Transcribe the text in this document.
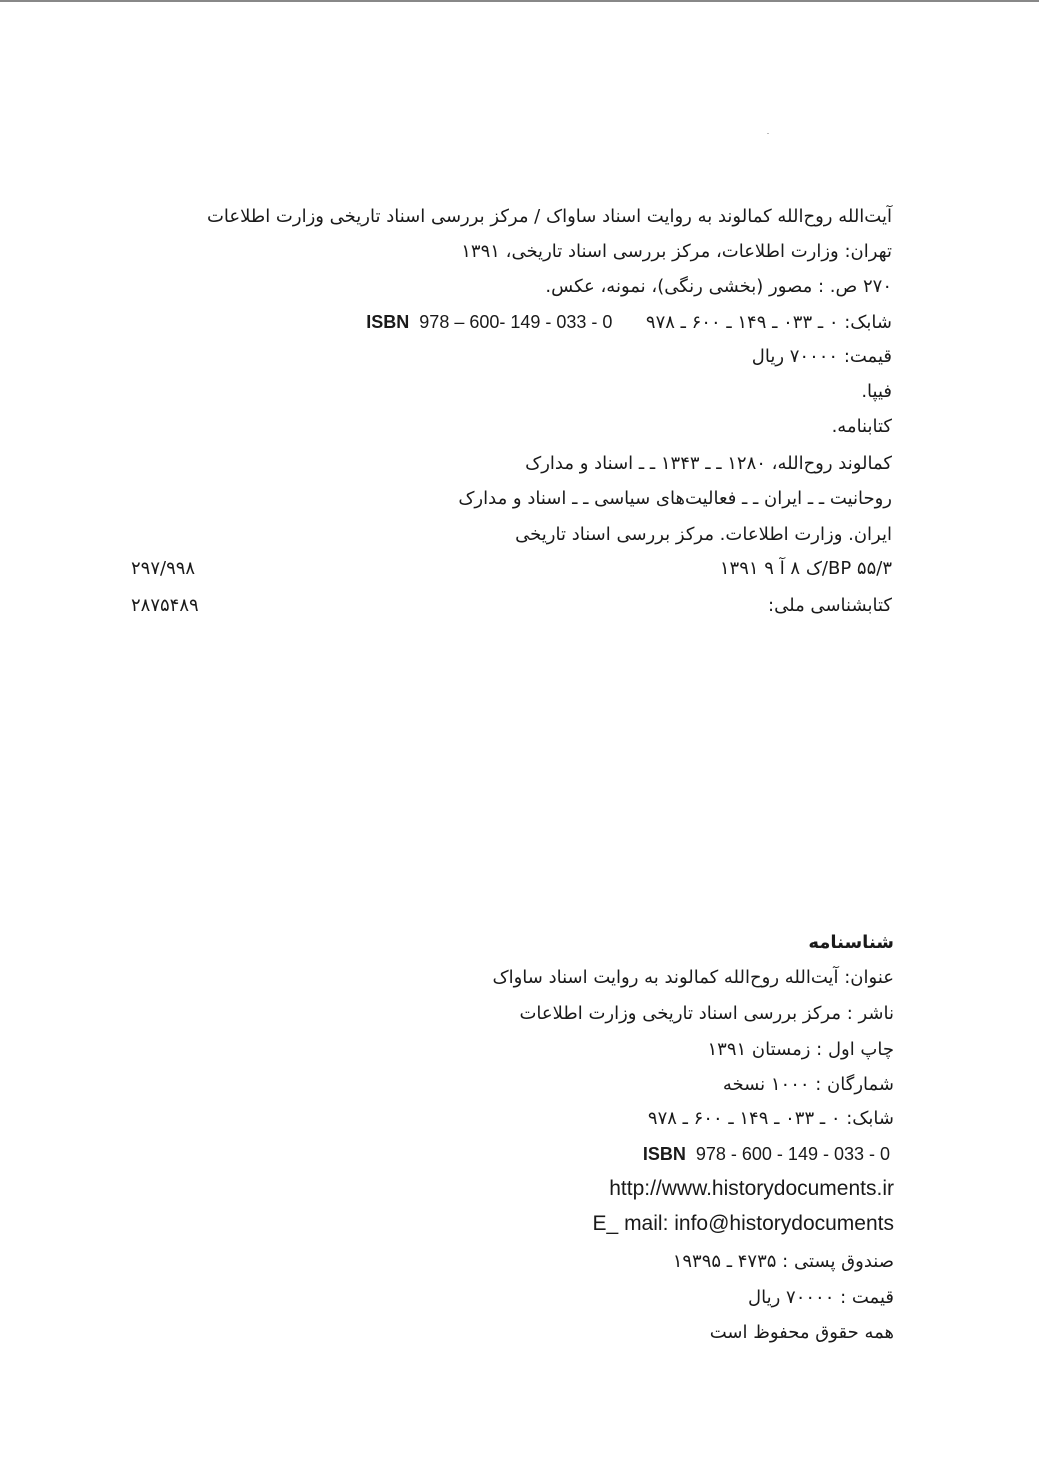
آیت‌الله روح‌الله کمالوند به روایت اسناد ساواک / مرکز بررسی اسناد تاریخی وزارت اطلاعات
تهران: وزارت اطلاعات، مرکز بررسی اسناد تاریخی، ۱۳۹۱
۲۷۰ ص. : مصور (بخشی رنگی)، نمونه، عکس.
شابک: ۰ ـ ۰۳۳ ـ ۱۴۹ ـ ۶۰۰ ـ ۹۷۸  ISBN 978 – 600- 149 - 033 - 0
قیمت: ۷۰۰۰۰ ریال
فیپا.
کتابنامه.
کمالوند روح‌الله، ۱۲۸۰ ـ ـ ۱۳۴۳ ـ ـ اسناد و مدارک
روحانیت ـ ـ ایران ـ ـ فعالیت‌های سیاسی ـ ـ اسناد و مدارک
ایران. وزارت اطلاعات. مرکز بررسی اسناد تاریخی
BP ۵۵/۳/ک ۸ آ ۹ ۱۳۹۱
کتابشناسی ملی:
۲۹۷/۹۹۸
۲۸۷۵۴۸۹
شناسنامه
عنوان: آیت‌الله روح‌الله کمالوند به روایت اسناد ساواک
ناشر : مرکز بررسی اسناد تاریخی وزارت اطلاعات
چاپ اول : زمستان ۱۳۹۱
شمارگان : ۱۰۰۰ نسخه
شابک: ۰ ـ ۰۳۳ ـ ۱۴۹ ـ ۶۰۰ ـ ۹۷۸
ISBN 978 - 600 - 149 - 033 - 0
http://www.historydocuments.ir
E_ mail: info@historydocuments
صندوق پستی : ۴۷۳۵ ـ ۱۹۳۹۵
قیمت : ۷۰۰۰۰ ریال
همه حقوق محفوظ است
